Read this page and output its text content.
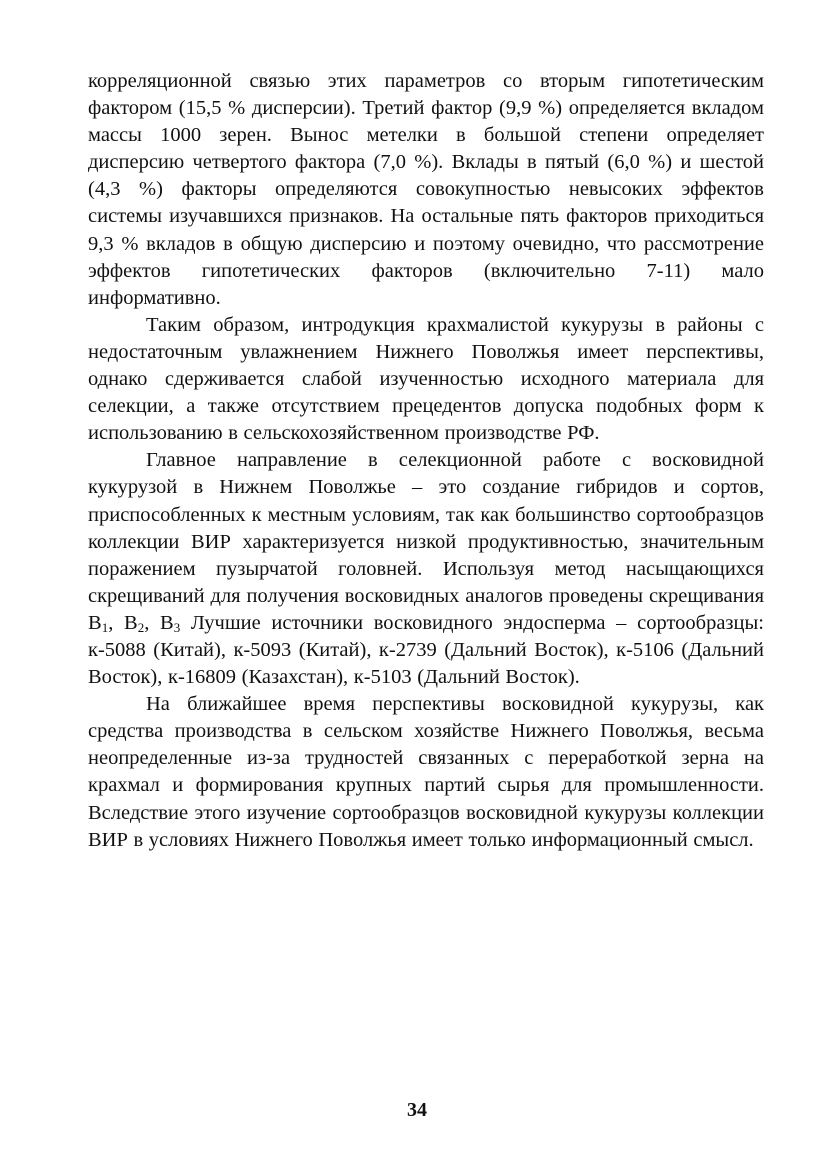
корреляционной связью этих параметров со вторым гипотетическим фактором (15,5 % дисперсии). Третий фактор (9,9 %) определяется вкладом массы 1000 зерен. Вынос метелки в большой степени определяет дисперсию четвертого фактора (7,0 %). Вклады в пятый (6,0 %) и шестой (4,3 %) факторы определяются совокупностью невысоких эффектов системы изучавшихся признаков. На остальные пять факторов приходиться 9,3 % вкладов в общую дисперсию и поэтому очевидно, что рассмотрение эффектов гипотетических факторов (включительно 7-11) мало информативно.

Таким образом, интродукция крахмалистой кукурузы в районы с недостаточным увлажнением Нижнего Поволжья имеет перспективы, однако сдерживается слабой изученностью исходного материала для селекции, а также отсутствием прецедентов допуска подобных форм к использованию в сельскохозяйственном производстве РФ.

Главное направление в селекционной работе с восковидной кукурузой в Нижнем Поволжье – это создание гибридов и сортов, приспособленных к местным условиям, так как большинство сортообразцов коллекции ВИР характеризуется низкой продуктивностью, значительным поражением пузырчатой головней. Используя метод насыщающихся скрещиваний для получения восковидных аналогов проведены скрещивания $В_1$, $В_2$, $В_3$ Лучшие источники восковидного эндосперма – сортообразцы: к-5088 (Китай), к-5093 (Китай), к-2739 (Дальний Восток), к-5106 (Дальний Восток), к-16809 (Казахстан), к-5103 (Дальний Восток).

На ближайшее время перспективы восковидной кукурузы, как средства производства в сельском хозяйстве Нижнего Поволжья, весьма неопределенные из-за трудностей связанных с переработкой зерна на крахмал и формирования крупных партий сырья для промышленности. Вследствие этого изучение сортообразцов восковидной кукурузы коллекции ВИР в условиях Нижнего Поволжья имеет только информационный смысл.

34
